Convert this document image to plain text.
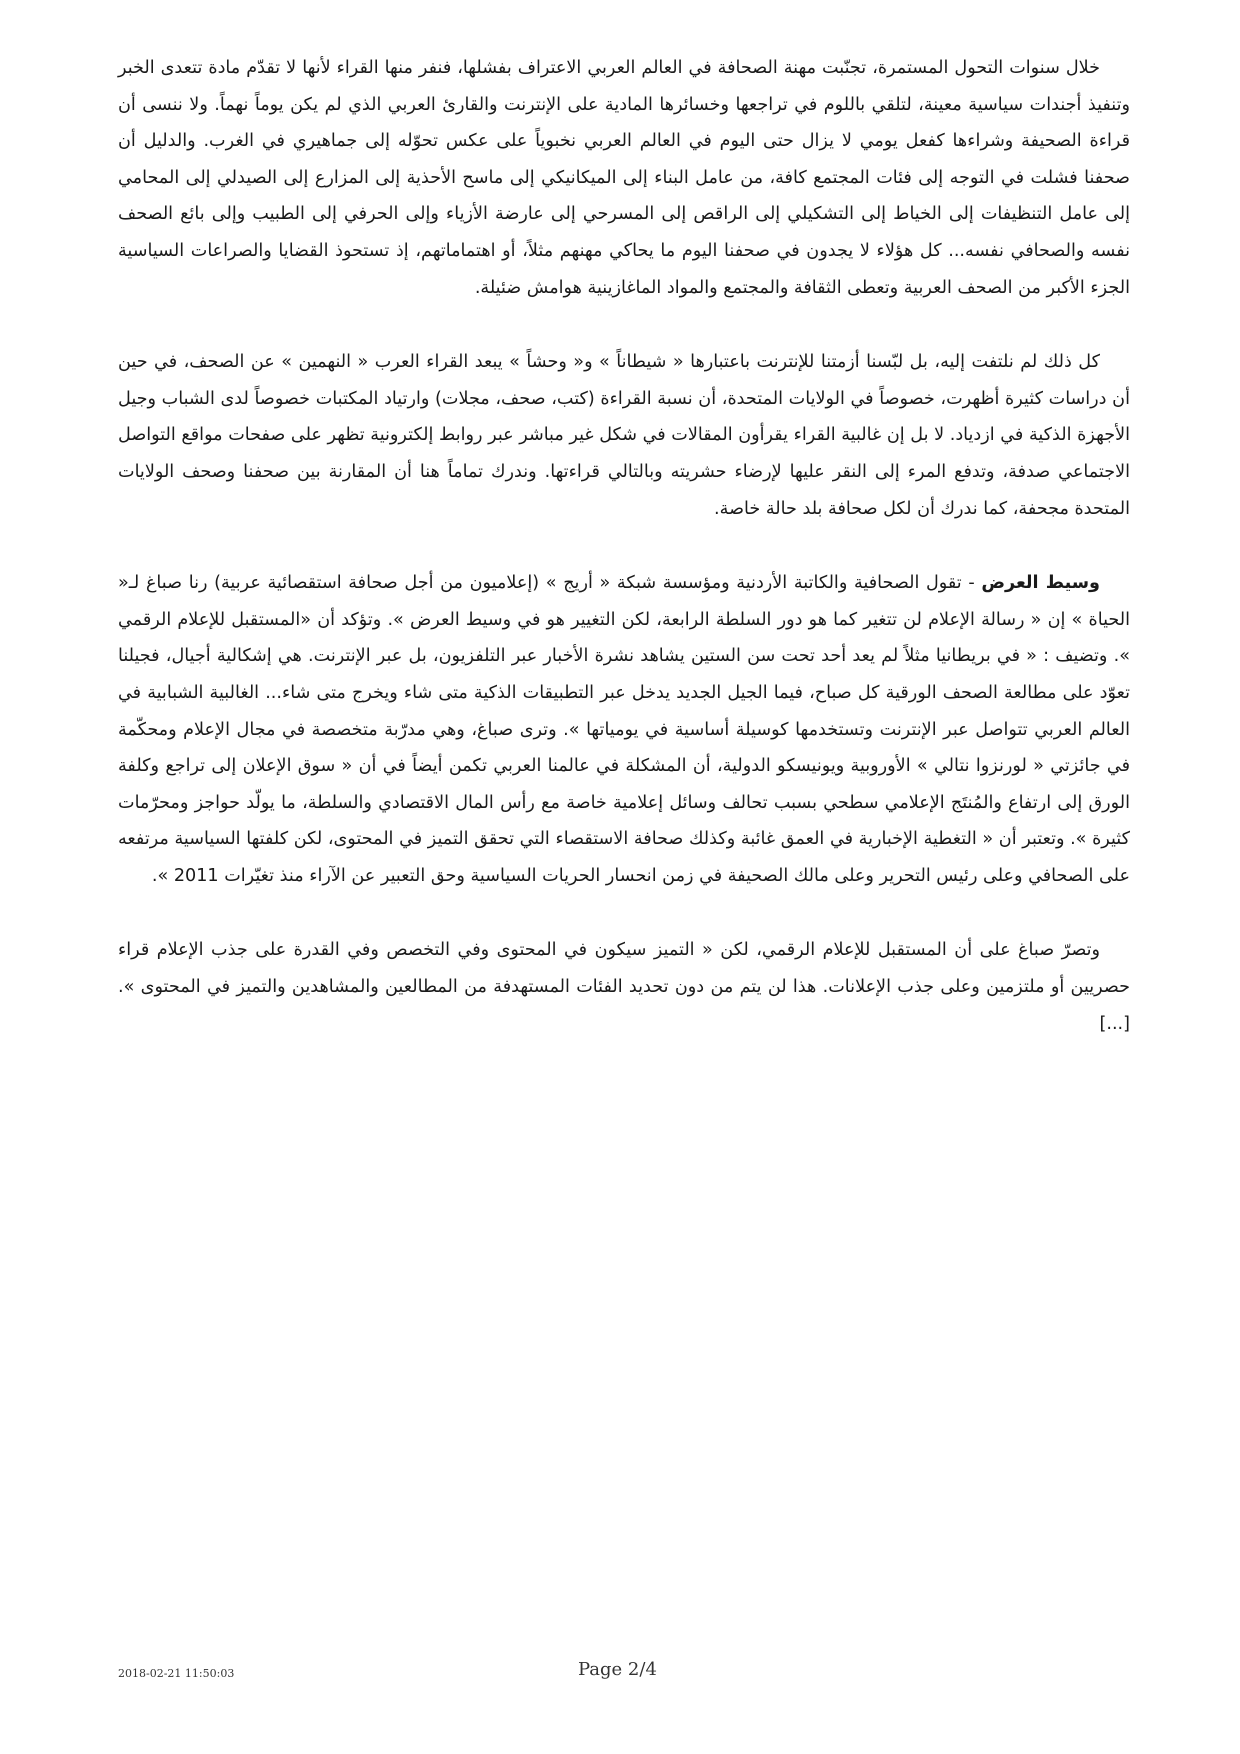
خلال سنوات التحول المستمرة، تجنّبت مهنة الصحافة في العالم العربي الاعتراف بفشلها، فنفر منها القراء لأنها لا تقدّم مادة تتعدى الخبر وتنفيذ أجندات سياسية معينة، لتلقي باللوم في تراجعها وخسائرها المادية على الإنترنت والقارئ العربي الذي لم يكن يوماً نهماً. ولا ننسى أن قراءة الصحيفة وشراءها كفعل يومي لا يزال حتى اليوم في العالم العربي نخبوياً على عكس تحوّله إلى جماهيري في الغرب. والدليل أن صحفنا فشلت في التوجه إلى فئات المجتمع كافة، من عامل البناء إلى الميكانيكي إلى ماسح الأحذية إلى المزارع إلى الصيدلي إلى المحامي إلى عامل التنظيفات إلى الخياط إلى التشكيلي إلى الراقص إلى المسرحي إلى عارضة الأزياء وإلى الحرفي إلى الطبيب وإلى بائع الصحف نفسه والصحافي نفسه... كل هؤلاء لا يجدون في صحفنا اليوم ما يحاكي مهنهم مثلاً، أو اهتماماتهم، إذ تستحوذ القضايا والصراعات السياسية الجزء الأكبر من الصحف العربية وتعطى الثقافة والمجتمع والمواد الماغازينية هوامش ضئيلة.

كل ذلك لم نلتفت إليه، بل لبّسنا أزمتنا للإنترنت باعتبارها « شيطاناً » و« وحشاً » يبعد القراء العرب « النهمين » عن الصحف، في حين أن دراسات كثيرة أظهرت، خصوصاً في الولايات المتحدة، أن نسبة القراءة (كتب، صحف، مجلات) وارتياد المكتبات خصوصاً لدى الشباب وجيل الأجهزة الذكية في ازدياد. لا بل إن غالبية القراء يقرأون المقالات في شكل غير مباشر عبر روابط إلكترونية تظهر على صفحات مواقع التواصل الاجتماعي صدفة، وتدفع المرء إلى النقر عليها لإرضاء حشريته وبالتالي قراءتها. وندرك تماماً هنا أن المقارنة بين صحفنا وصحف الولايات المتحدة مجحفة، كما ندرك أن لكل صحافة بلد حالة خاصة.

وسيط العرض - تقول الصحافية والكاتبة الأردنية ومؤسسة شبكة « أريج » (إعلاميون من أجل صحافة استقصائية عربية) رنا صباغ لـ« الحياة » إن « رسالة الإعلام لن تتغير كما هو دور السلطة الرابعة، لكن التغيير هو في وسيط العرض ». وتؤكد أن «المستقبل للإعلام الرقمي ». وتضيف : « في بريطانيا مثلاً لم يعد أحد تحت سن الستين يشاهد نشرة الأخبار عبر التلفزيون، بل عبر الإنترنت. هي إشكالية أجيال، فجيلنا تعوّد على مطالعة الصحف الورقية كل صباح، فيما الجيل الجديد يدخل عبر التطبيقات الذكية متى شاء ويخرج متى شاء... الغالبية الشبابية في العالم العربي تتواصل عبر الإنترنت وتستخدمها كوسيلة أساسية في يومياتها ». وترى صباغ، وهي مدرّبة متخصصة في مجال الإعلام ومحكّمة في جائزتي « لورنزوا نتالي » الأوروبية ويونيسكو الدولية، أن المشكلة في عالمنا العربي تكمن أيضاً في أن « سوق الإعلان إلى تراجع وكلفة الورق إلى ارتفاع والمُنتَج الإعلامي سطحي بسبب تحالف وسائل إعلامية خاصة مع رأس المال الاقتصادي والسلطة، ما يولّد حواجز ومحرّمات كثيرة ». وتعتبر أن « التغطية الإخبارية في العمق غائبة وكذلك صحافة الاستقصاء التي تحقق التميز في المحتوى، لكن كلفتها السياسية مرتفعه على الصحافي وعلى رئيس التحرير وعلى مالك الصحيفة في زمن انحسار الحريات السياسية وحق التعبير عن الآراء منذ تغيّرات 2011 ».

وتصرّ صباغ على أن المستقبل للإعلام الرقمي، لكن « التميز سيكون في المحتوى وفي التخصص وفي القدرة على جذب الإعلام قراء حصريين أو ملتزمين وعلى جذب الإعلانات. هذا لن يتم من دون تحديد الفئات المستهدفة من المطالعين والمشاهدين والتميز في المحتوى ». [...]

2018-02-21 11:50:03	Page 2/4
